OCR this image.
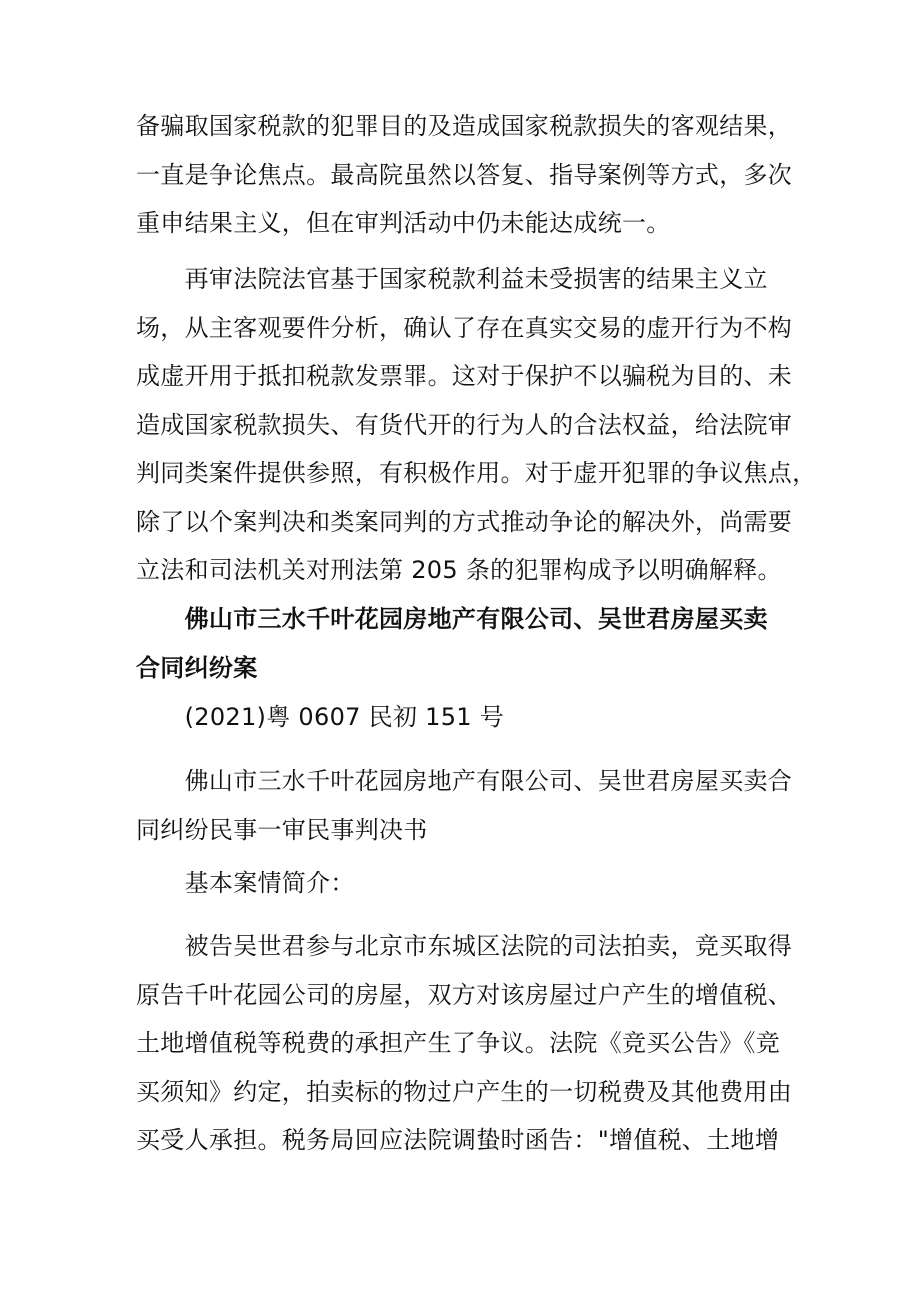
备骗取国家税款的犯罪目的及造成国家税款损失的客观结果，
一直是争论焦点。最高院虽然以答复、指导案例等方式，多次
重申结果主义，但在审判活动中仍未能达成统一。
　　再审法院法官基于国家税款利益未受损害的结果主义立
场，从主客观要件分析，确认了存在真实交易的虚开行为不构
成虚开用于抵扣税款发票罪。这对于保护不以骗税为目的、未
造成国家税款损失、有货代开的行为人的合法权益，给法院审
判同类案件提供参照，有积极作用。对于虚开犯罪的争议焦点，
除了以个案判决和类案同判的方式推动争论的解决外，尚需要
立法和司法机关对刑法第 205 条的犯罪构成予以明确解释。
　　佛山市三水千叶花园房地产有限公司、吴世君房屋买卖
合同纠纷案
　　(2021)粤 0607 民初 151 号
　　佛山市三水千叶花园房地产有限公司、吴世君房屋买卖合
同纠纷民事一审民事判决书
　　基本案情简介：
　　被告吴世君参与北京市东城区法院的司法拍卖，竞买取得
原告千叶花园公司的房屋，双方对该房屋过户产生的增值税、
土地增值税等税费的承担产生了争议。法院《竞买公告》《竞
买须知》约定，拍卖标的物过户产生的一切税费及其他费用由
买受人承担。税务局回应法院调蛰时函告："增值税、土地增
